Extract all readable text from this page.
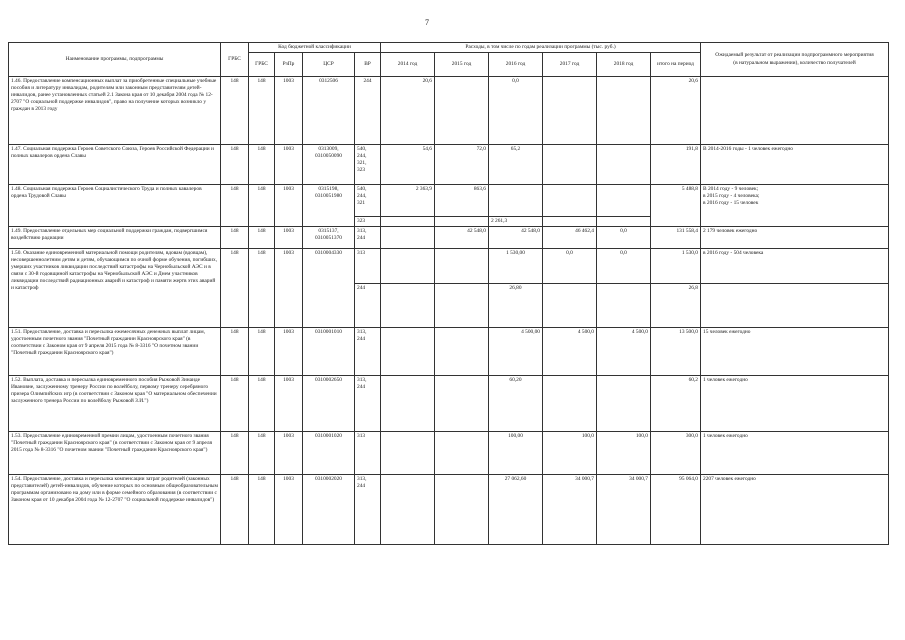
7
Наименование программы, подпрограммы	ГРБС	Код бюджетной классификации				Расходы, в том числе по годам реализации программы (тыс. руб.)						Ожидаемый результат от реализации подпрограммного мероприятия
(в натуральном выражении), количество получателей
		ГРБС	РзПр	ЦСР	ВР	2014 год	2015 год	2016 год	2017 год	2018 год	итого на период	
1.46. Предоставление компенсационных выплат за приобретенные специальные учебные пособия и литературу инвалидам, родителям или законным представителям детей-инвалидов, ранее установленных статьей 2.1 Закона края от 10 декабря 2004 года № 12-2707 "О социальной поддержке инвалидов", право на получение которых возникло у граждан в 2013 году	148	148	1003	0312506	244	20,6		0,0			20,6	
1.47. Социальная поддержка Героев Советского Союза, Героев Российской Федерации и полных кавалеров ордена Славы	148	148	1003	0313009,
0310050090	540,
244,
321,
323	54,6	72,0	65,2			191,8	В 2014-2016 годы - 1 человек ежегодно
1.48. Социальная поддержка Героев Социалистического Труда и полных кавалеров ордена Трудовой Славы	148	148	1003	0315198,
0310051980	540,
244,
321	2 363,9	863,6				5 488,8	В 2014 году - 9 человек;
в 2015 году - 4 человека;
в 2016 году - 15 человек
					323			2 261,3				
1.49. Предоставление отдельных мер социальной поддержки граждан, подвергшимся воздействию радиации	148	148	1003	0315137,
0310051370	313,
244		42 548,0	42 548,0	46 462,4	0,0	131 558,4	2 179 человек ежегодно
1.50. Оказание единовременной материальной помощи родителям, вдовам (вдовцам), несовершеннолетним детям и детям, обучающимся по очной форме обучения, погибших, умерших участников ликвидации последствий катастрофы на Чернобыльской АЭС и в связи с 30-й годовщиной катастрофы на Чернобыльской АЭС и Днем участников ликвидации последствий радиационных аварий и катастроф и памяти жертв этих аварий и катастроф	148	148	1003	0310004330	313			1 530,00	0,0	0,0	1 530,0	в 2016 году - 504 человека
					244			26,80			26,8	
1.51. Предоставление, доставка и пересылка ежемесячных денежных выплат лицам, удостоенным почетного звания "Почетный гражданин Красноярского края" (в соответствии с Законом края от 9 апреля 2015 года № 8-3316 "О почетном звании "Почетный гражданин Красноярского края")	148	148	1003	0310001010	313,
244			4 500,00	4 500,0	4 500,0	13 500,0	15 человек ежегодно
1.52. Выплата, доставка и пересылка единовременного пособия Рыжовой Зинаиде Ивановне, заслуженному тренеру России по волейболу, первому тренеру серебряного призера Олимпийских игр (в соответствии с Законом края "О материальном обеспечении заслуженного тренера России по волейболу Рыжовой З.И.")	148	148	1003	0310002650	313,
244			60,20			60,2	1 человек ежегодно
1.53. Предоставление единовременной премии лицам, удостоенным почетного звания "Почетный гражданин Красноярского края" (в соответствии с Законом края от 9 апреля 2015 года № 8-3316 "О почетном звании "Почетный гражданин Красноярского края")	148	148	1003	0310001020	313			100,00	100,0	100,0	300,0	1 человек ежегодно
1.54. Предоставление, доставка и пересылка компенсации затрат родителей (законных представителей) детей-инвалидов, обучение которых по основным общеобразовательным программам организовано на дому или в форме семейного образования (в соответствии с Законом края от 10 декабря 2004 года № 12-2707 "О социальной поддержке инвалидов")	148	148	1003	0310002020	313,
244			27 062,60	34 000,7	34 000,7	95 064,0	2207 человек ежегодно
